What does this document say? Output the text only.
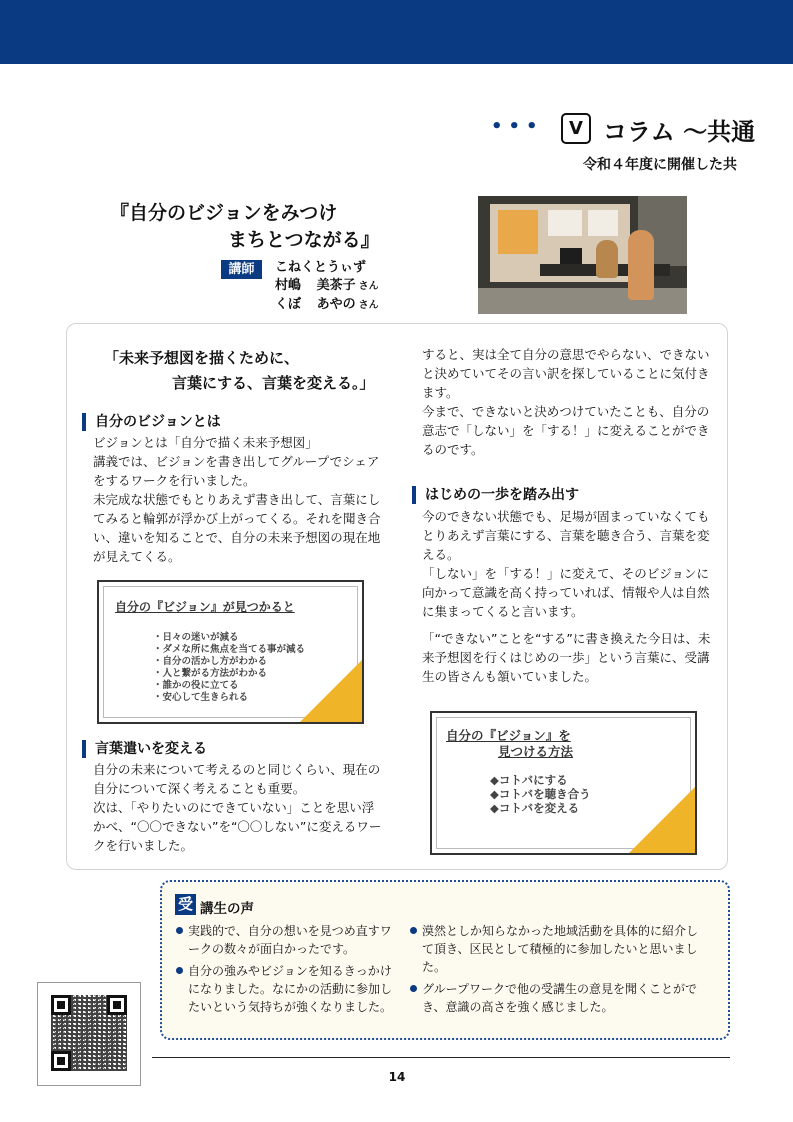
•••	V コラム ～共通
令和４年度に開催した共
『自分のビジョンをみつけ
まちとつながる』
講師	こねくとうぃず
村嶋 美茶子 さん
くぼ あやの さん
「未来予想図を描くために、
言葉にする、言葉を変える。」
自分のビジョンとは

ビジョンとは「自分で描く未来予想図」

講義では、ビジョンを書き出してグループでシェアをするワークを行いました。

未完成な状態でもとりあえず書き出して、言葉にしてみると輪郭が浮かび上がってくる。それを聞き合い、違いを知ることで、自分の未来予想図の現在地が見えてくる。

自分の『ビジョン』が見つかると
・日々の迷いが減る
・ダメな所に焦点を当てる事が減る
・自分の活かし方がわかる
・人と繋がる方法がわかる
・誰かの役に立てる
・安心して生きられる
言葉遣いを変える

自分の未来について考えるのと同じくらい、現在の自分について深く考えることも重要。

次は、「やりたいのにできていない」ことを思い浮かべ、“〇〇できない”を“〇〇しない”に変えるワークを行いました。

すると、実は全て自分の意思でやらない、できないと決めていてその言い訳を探していることに気付きます。

今まで、できないと決めつけていたことも、自分の意志で「しない」を「する！」に変えることができるのです。

はじめの一歩を踏み出す

今のできない状態でも、足場が固まっていなくてもとりあえず言葉にする、言葉を聴き合う、言葉を変える。

「しない」を「する！」に変えて、そのビジョンに向かって意識を高く持っていれば、情報や人は自然に集まってくると言います。

「“できない”ことを“する”に書き換えた今日は、未来予想図を行くはじめの一歩」という言葉に、受講生の皆さんも頷いていました。

自分の『ビジョン』を
見つける方法
◆コトバにする
◆コトバを聴き合う
◆コトバを変える
受 講生の声
実践的で、自分の想いを見つめ直すワークの数々が面白かったです。
自分の強みやビジョンを知るきっかけになりました。なにかの活動に参加したいという気持ちが強くなりました。
漠然としか知らなかった地域活動を具体的に紹介して頂き、区民として積極的に参加したいと思いました。
グループワークで他の受講生の意見を聞くことができ、意識の高さを強く感じました。
14
